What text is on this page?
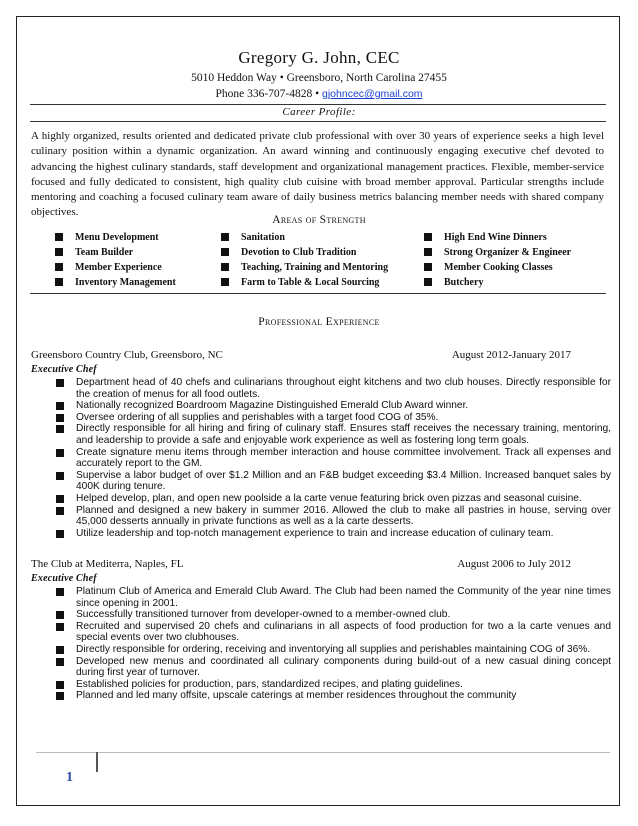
Gregory G. John, CEC
5010 Heddon Way • Greensboro, North Carolina 27455
Phone 336-707-4828 • gjohncec@gmail.com
Career Profile:
A highly organized, results oriented and dedicated private club professional with over 30 years of experience seeks a high level culinary position within a dynamic organization. An award winning and continuously engaging executive chef devoted to advancing the highest culinary standards, staff development and organizational management practices. Flexible, member-service focused and fully dedicated to consistent, high quality club cuisine with broad member approval. Particular strengths include mentoring and coaching a focused culinary team aware of daily business metrics balancing member needs with shared company objectives.
Areas of Strength
Menu Development
Team Builder
Member Experience
Inventory Management
Sanitation
Devotion to Club Tradition
Teaching, Training and Mentoring
Farm to Table & Local Sourcing
High End Wine Dinners
Strong Organizer & Engineer
Member Cooking Classes
Butchery
Professional Experience
Greensboro Country Club, Greensboro, NC	August 2012-January 2017
Executive Chef
Department head of 40 chefs and culinarians throughout eight kitchens and two club houses. Directly responsible for the creation of menus for all food outlets.
Nationally recognized Boardroom Magazine Distinguished Emerald Club Award winner.
Oversee ordering of all supplies and perishables with a target food COG of 35%.
Directly responsible for all hiring and firing of culinary staff. Ensures staff receives the necessary training, mentoring, and leadership to provide a safe and enjoyable work experience as well as fostering long term goals.
Create signature menu items through member interaction and house committee involvement. Track all expenses and accurately report to the GM.
Supervise a labor budget of over $1.2 Million and an F&B budget exceeding $3.4 Million. Increased banquet sales by 400K during tenure.
Helped develop, plan, and open new poolside a la carte venue featuring brick oven pizzas and seasonal cuisine.
Planned and designed a new bakery in summer 2016. Allowed the club to make all pastries in house, serving over 45,000 desserts annually in private functions as well as a la carte desserts.
Utilize leadership and top-notch management experience to train and increase education of culinary team.
The Club at Mediterra, Naples, FL	August 2006 to July 2012
Executive Chef
Platinum Club of America and Emerald Club Award. The Club had been named the Community of the year nine times since opening in 2001.
Successfully transitioned turnover from developer-owned to a member-owned club.
Recruited and supervised 20 chefs and culinarians in all aspects of food production for two a la carte venues and special events over two clubhouses.
Directly responsible for ordering, receiving and inventorying all supplies and perishables maintaining COG of 36%.
Developed new menus and coordinated all culinary components during build-out of a new casual dining concept during first year of turnover.
Established policies for production, pars, standardized recipes, and plating guidelines.
Planned and led many offsite, upscale caterings at member residences throughout the community
1
